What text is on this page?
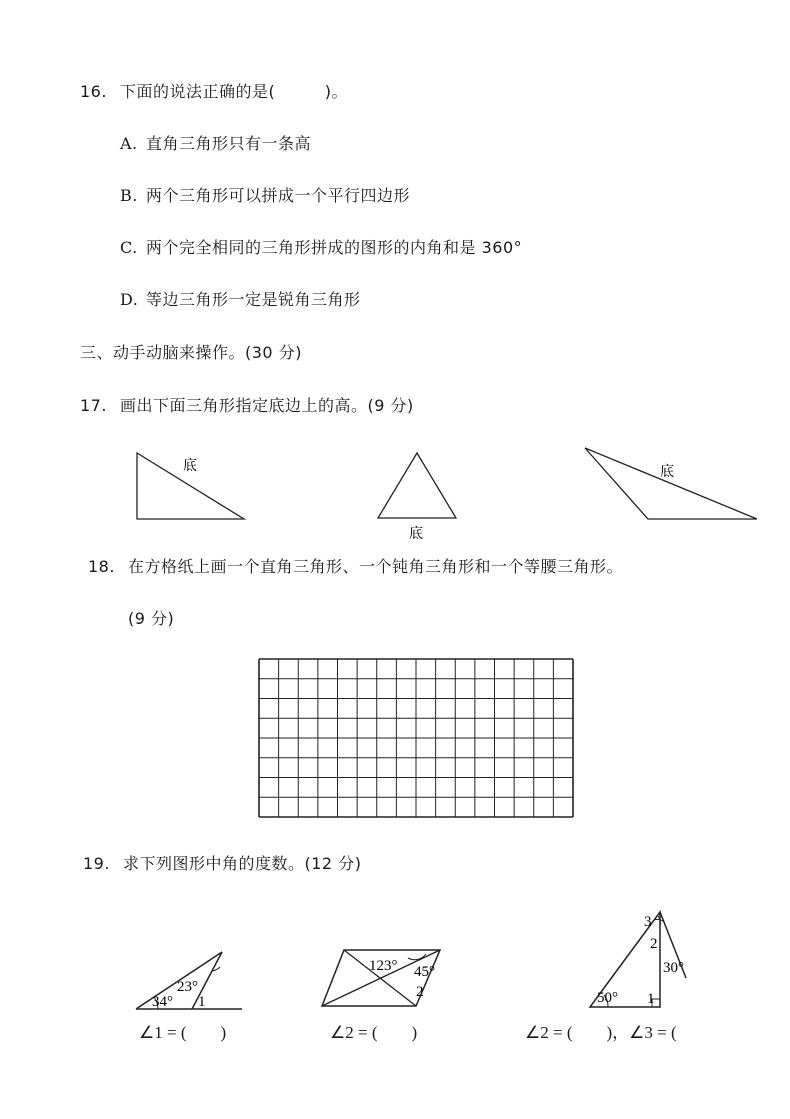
16. 下面的说法正确的是(　　　)。
A. 直角三角形只有一条高
B. 两个三角形可以拼成一个平行四边形
C. 两个完全相同的三角形拼成的图形的内角和是 360°
D. 等边三角形一定是锐角三角形
三、动手动脑来操作。(30 分)
17. 画出下面三角形指定底边上的高。(9 分)
底
底
底
18. 在方格纸上画一个直角三角形、一个钝角三角形和一个等腰三角形。
(9 分)
19. 求下列图形中角的度数。(12 分)
23°
34° 1
∠1 = (　　)
123° 45°
2
∠2 = (　　)
50°
30°
1
2
3
∠2 = (　　)，∠3 = (
